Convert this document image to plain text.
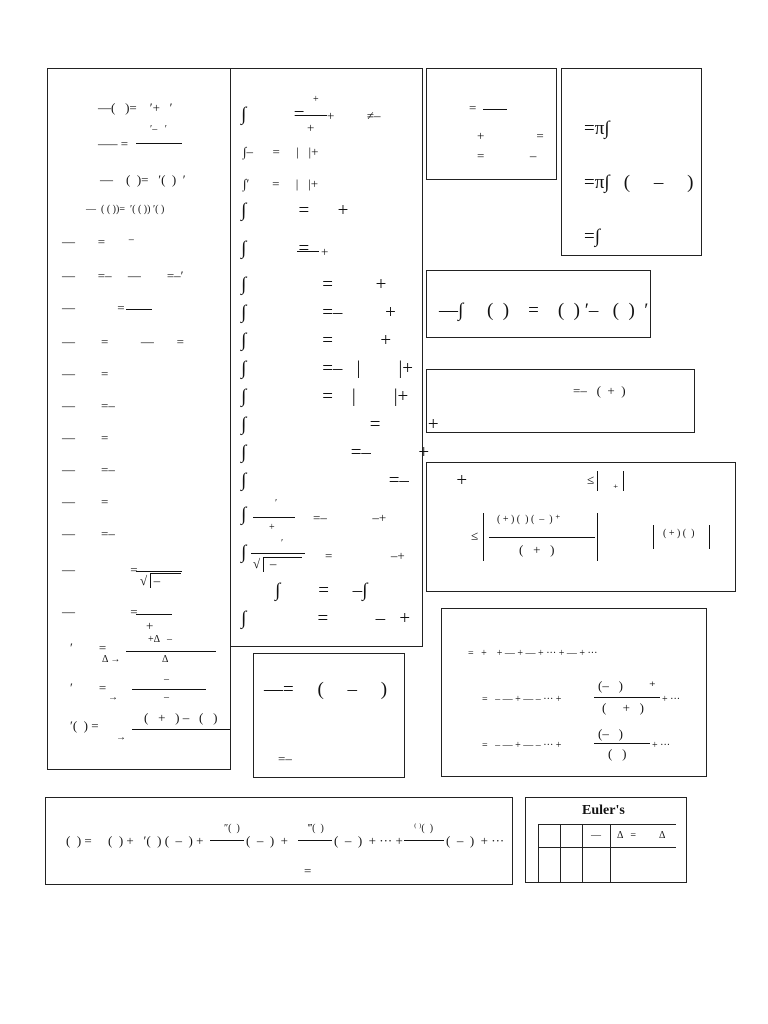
—(   )=    ′+   ′
—– =
′–   ′
—    (  )=   ′(  )  ′
—  ( ( ))=  ′( ( )) ′( )
—       =       ⁻
—       =–     —        =–′
—             =
—        =          —       =
—        =
—        =–
—        =
—        =–
—        =
—        =–
—                 =
√  –
—                 =
+
′        =
+Δ   –
Δ
Δ →
′        =
–
–
→
′(  ) =
(   +   ) –   (   )
→
∫          =
+
+
+          ≠–
∫–      =     |   |+
∫′       =     |   |+
∫           =      +
∫           = +
∫                =         +
∫                =–         +
∫                =          +
∫                =–   |        |+
∫                =    |        |+
∫                          =          +
∫                      =–          +
∫                              =–          +
∫
′
+
=–              –+
∫	′
√   –
=                  –+
∫        =     –∫
∫               =          –   +
=
+                =
=              –
=π∫
=π∫   (     –     )
=∫
—∫     (  )    =    (  ) ′–   (  )  ′
=–   (  +  )
≤ ₊
≤
( + ) (  ) (  –  ) ⁺
(   +   )
( + ) (  )
=   +    + — + — + ··· + — + ···
=   – — + — – ··· +
(–   )        ⁺
(     +   )
+ ···
=   – — + — – ··· +
(–   )
(   )
+ ···
—=     (     –     )
=–
(  ) =     (  ) +   ′(  ) (  –  ) +
″(  )
(  –  )  +
‴(  )
(  –  )  + ··· +
⁽ ⁾(  )
(  –  )  + ···
=
Euler's
— Δ   = Δ
